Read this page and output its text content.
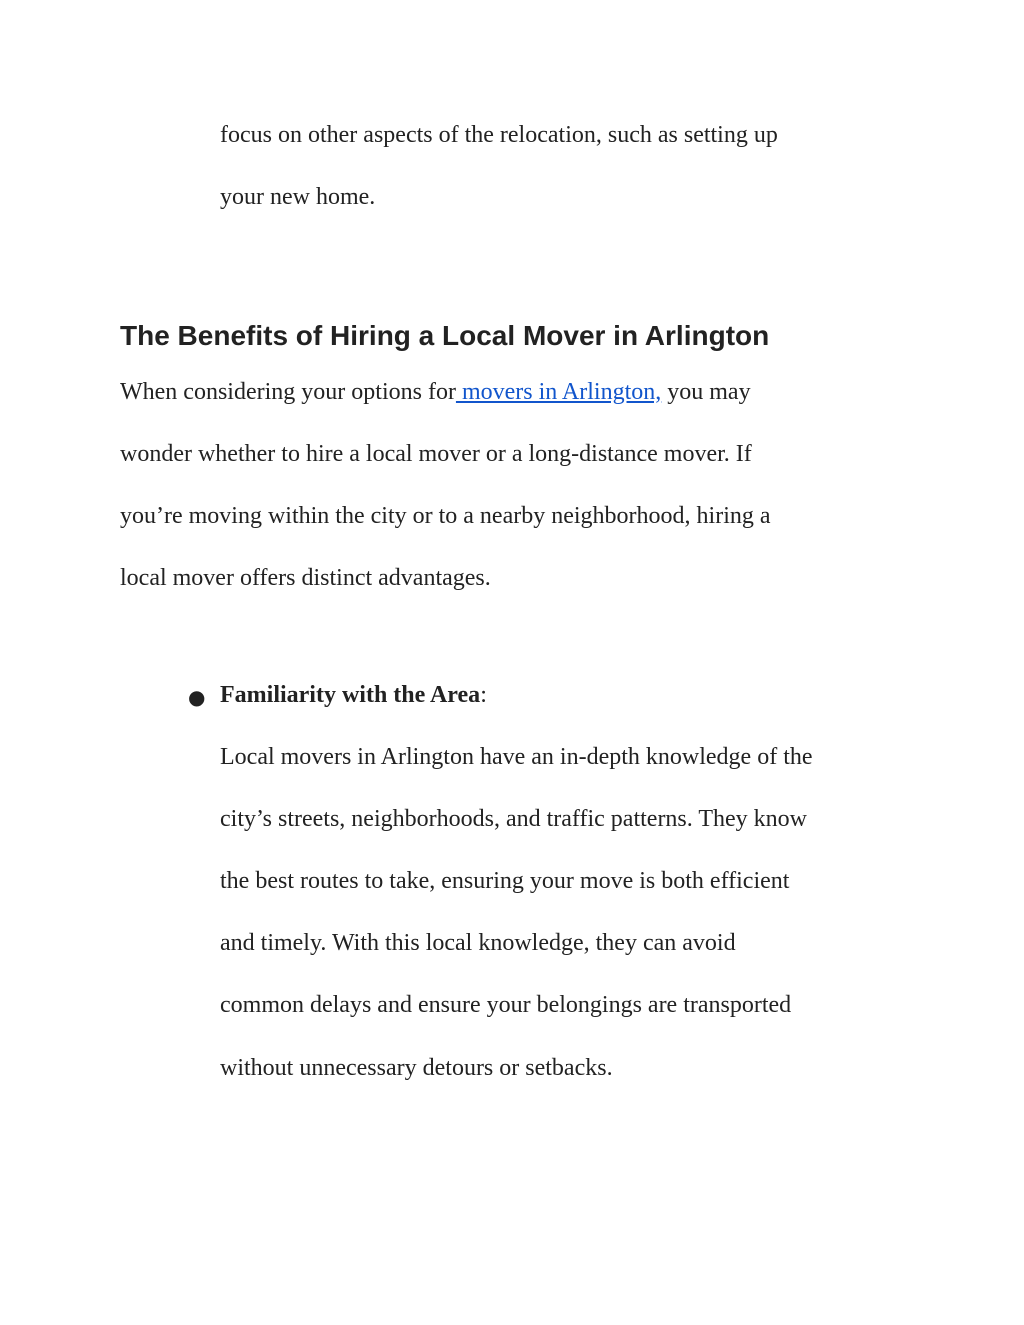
focus on other aspects of the relocation, such as setting up

your new home.

The Benefits of Hiring a Local Mover in Arlington

When considering your options for movers in Arlington, you may

wonder whether to hire a local mover or a long-distance mover. If

you’re moving within the city or to a nearby neighborhood, hiring a

local mover offers distinct advantages.

● Familiarity with the Area:

Local movers in Arlington have an in-depth knowledge of the

city’s streets, neighborhoods, and traffic patterns. They know

the best routes to take, ensuring your move is both efficient

and timely. With this local knowledge, they can avoid

common delays and ensure your belongings are transported

without unnecessary detours or setbacks.
